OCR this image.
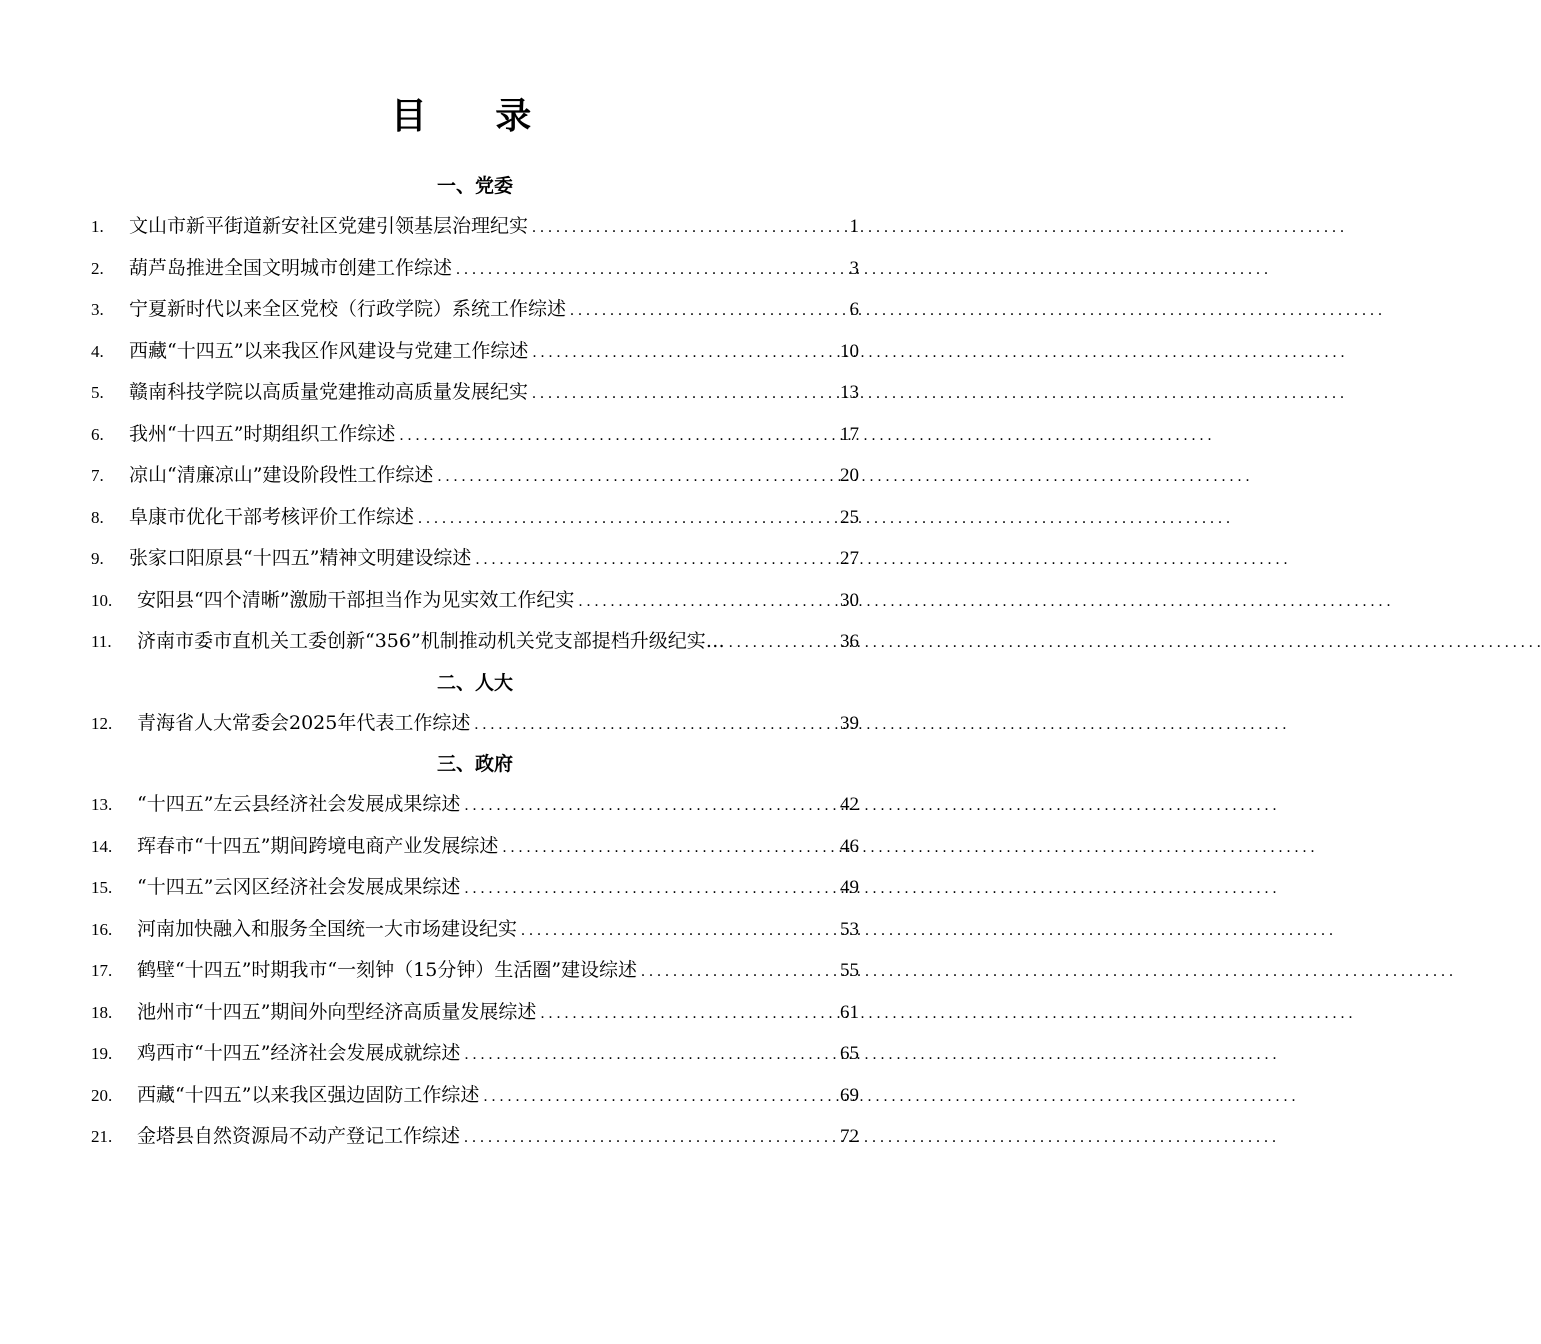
目 录
一、党委
1.	文山市新平街道新安社区党建引领基层治理纪实 . . .	1
2.	葫芦岛推进全国文明城市创建工作综述 . . .	3
3.	宁夏新时代以来全区党校（行政学院）系统工作综述 . . .	6
4.	西藏“十四五”以来我区作风建设与党建工作综述 . . .	10
5.	赣南科技学院以高质量党建推动高质量发展纪实 . . .	13
6.	我州“十四五”时期组织工作综述 . . .	17
7.	凉山“清廉凉山”建设阶段性工作综述 . . .	20
8.	阜康市优化干部考核评价工作综述 . . .	25
9.	张家口阳原县“十四五”精神文明建设综述 . . .	27
10.	安阳县“四个清晰”激励干部担当作为见实效工作纪实 . . .	30
11.	济南市委市直机关工委创新“356”机制推动机关党支部提档升级纪实… . . .	36
二、人大
12.	青海省人大常委会2025年代表工作综述 . . .	39
三、政府
13.	“十四五”左云县经济社会发展成果综述 . . .	42
14.	珲春市“十四五”期间跨境电商产业发展综述 . . .	46
15.	“十四五”云冈区经济社会发展成果综述 . . .	49
16.	河南加快融入和服务全国统一大市场建设纪实 . . .	53
17.	鹤壁“十四五”时期我市“一刻钟（15分钟）生活圈”建设综述 . . .	55
18.	池州市“十四五”期间外向型经济高质量发展综述 . . .	61
19.	鸡西市“十四五”经济社会发展成就综述 . . .	65
20.	西藏“十四五”以来我区强边固防工作综述 . . .	69
21.	金塔县自然资源局不动产登记工作综述 . . .	72
